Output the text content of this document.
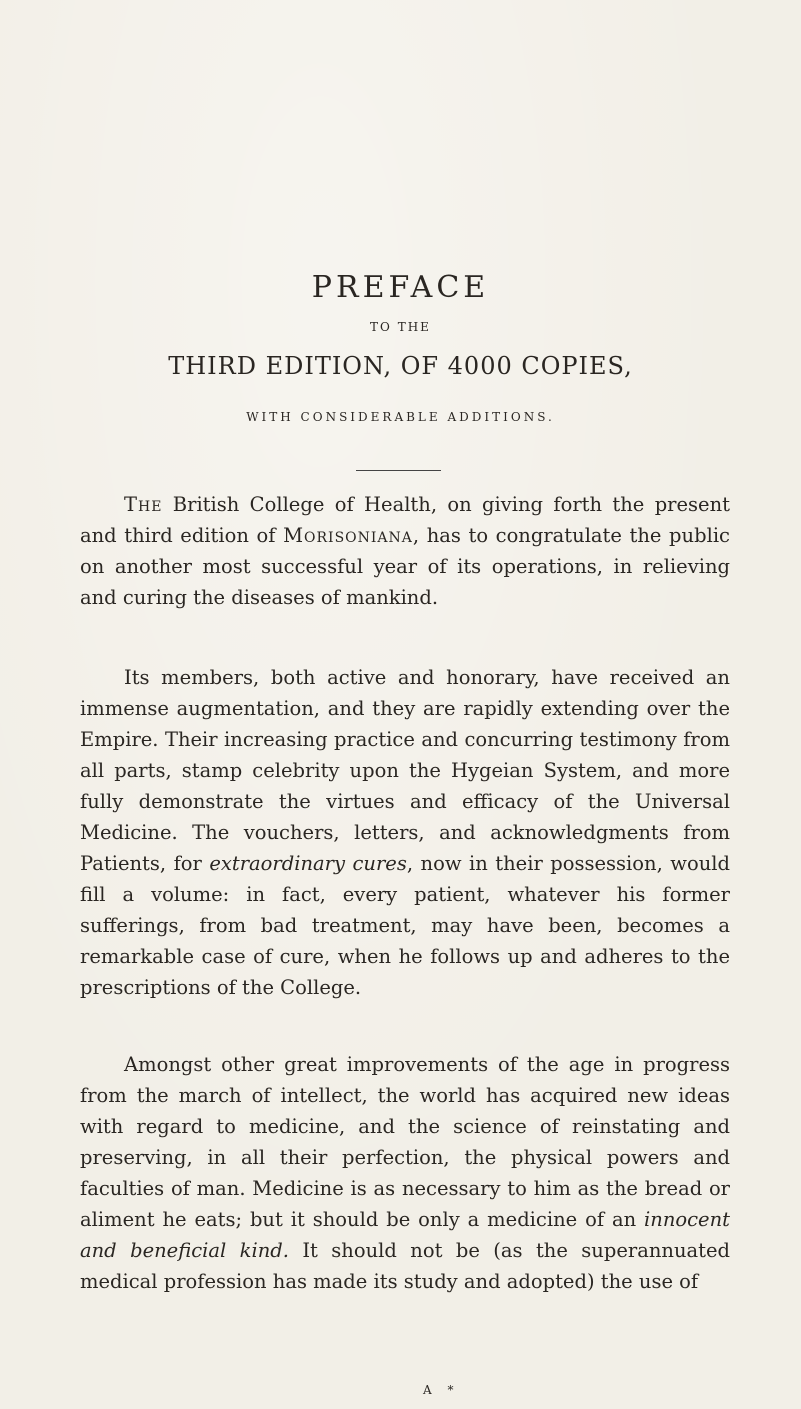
PREFACE
TO THE
THIRD EDITION, OF 4000 COPIES,
WITH CONSIDERABLE ADDITIONS.

The British College of Health, on giving forth the present and third edition of Morisoniana, has to congratulate the public on another most successful year of its operations, in relieving and curing the diseases of mankind.

Its members, both active and honorary, have received an immense augmentation, and they are rapidly extending over the Empire. Their increasing practice and concurring testimony from all parts, stamp celebrity upon the Hygeian System, and more fully demonstrate the virtues and efficacy of the Universal Medicine. The vouchers, letters, and acknowledgments from Patients, for extraordinary cures, now in their possession, would fill a volume: in fact, every patient, whatever his former sufferings, from bad treatment, may have been, becomes a remarkable case of cure, when he follows up and adheres to the prescriptions of the College.

Amongst other great improvements of the age in progress from the march of intellect, the world has acquired new ideas with regard to medicine, and the science of reinstating and preserving, in all their perfection, the physical powers and faculties of man. Medicine is as necessary to him as the bread or aliment he eats; but it should be only a medicine of an innocent and beneficial kind. It should not be (as the superannuated medical profession has made its study and adopted) the use of

A *
